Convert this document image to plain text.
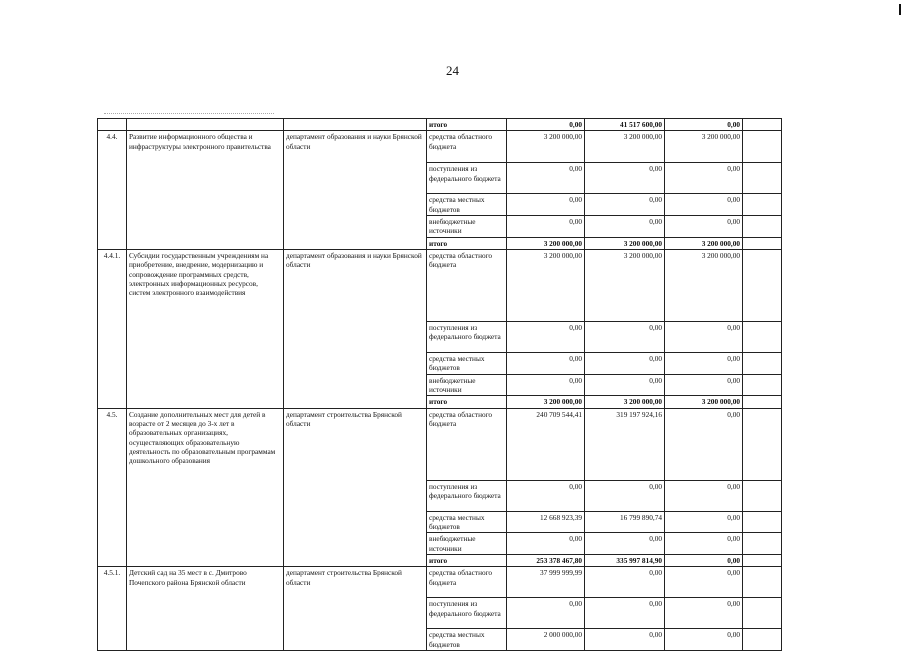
24
			итого	0,00	41 517 600,00	0,00	
4.4.	Развитие информационного общества и инфраструктуры электронного правительства	департамент образования и науки Брянской области	средства областного бюджета	3 200 000,00	3 200 000,00	3 200 000,00	
			поступления из федерального бюджета	0,00	0,00	0,00	
			средства местных бюджетов	0,00	0,00	0,00	
			внебюджетные источники	0,00	0,00	0,00	
			итого	3 200 000,00	3 200 000,00	3 200 000,00	
4.4.1.	Субсидии государственным учреждениям на приобретение, внедрение, модернизацию и сопровождение программных средств, электронных информационных ресурсов, систем электронного взаимодействия	департамент образования и науки Брянской области	средства областного бюджета	3 200 000,00	3 200 000,00	3 200 000,00	
			поступления из федерального бюджета	0,00	0,00	0,00	
			средства местных бюджетов	0,00	0,00	0,00	
			внебюджетные источники	0,00	0,00	0,00	
			итого	3 200 000,00	3 200 000,00	3 200 000,00	
4.5.	Создание дополнительных мест для детей в возрасте от 2 месяцев до 3-х лет в образовательных организациях, осуществляющих образовательную деятельность по образовательным программам дошкольного образования	департамент строительства Брянской области	средства областного бюджета	240 709 544,41	319 197 924,16	0,00	
			поступления из федерального бюджета	0,00	0,00	0,00	
			средства местных бюджетов	12 668 923,39	16 799 890,74	0,00	
			внебюджетные источники	0,00	0,00	0,00	
			итого	253 378 467,80	335 997 814,90	0,00	
4.5.1.	Детский сад на 35 мест в с. Дмитрово Почепского района Брянской области	департамент строительства Брянской области	средства областного бюджета	37 999 999,99	0,00	0,00	
			поступления из федерального бюджета	0,00	0,00	0,00	
			средства местных бюджетов	2 000 000,00	0,00	0,00	
